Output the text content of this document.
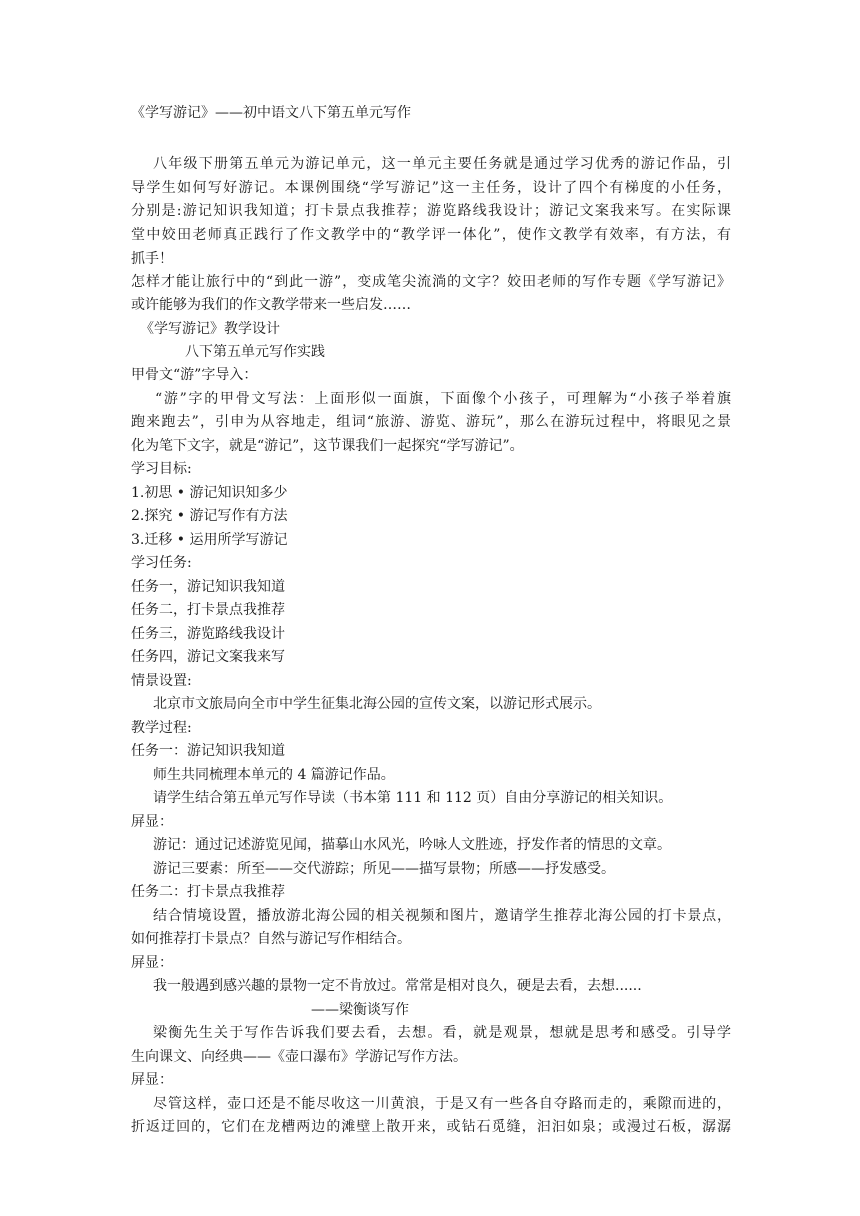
《学写游记》——初中语文八下第五单元写作
八年级下册第五单元为游记单元，这一单元主要任务就是通过学习优秀的游记作品，引
导学生如何写好游记。本课例围绕“学写游记”这一主任务，设计了四个有梯度的小任务，
分别是:游记知识我知道；打卡景点我推荐；游览路线我设计；游记文案我来写。在实际课
堂中姣田老师真正践行了作文教学中的“教学评一体化”，使作文教学有效率，有方法，有
抓手！
怎样才能让旅行中的“到此一游”，变成笔尖流淌的文字？姣田老师的写作专题《学写游记》
或许能够为我们的作文教学带来一些启发……
《学写游记》教学设计
八下第五单元写作实践
甲骨文“游”字导入：
“游”字的甲骨文写法：上面形似一面旗，下面像个小孩子，可理解为“小孩子举着旗
跑来跑去”，引申为从容地走，组词“旅游、游览、游玩”，那么在游玩过程中，将眼见之景
化为笔下文字，就是“游记”，这节课我们一起探究“学写游记”。
学习目标:
1.初思 • 游记知识知多少
2.探究 • 游记写作有方法
3.迁移 • 运用所学写游记
学习任务:
任务一，游记知识我知道
任务二，打卡景点我推荐
任务三，游览路线我设计
任务四，游记文案我来写
情景设置:
北京市文旅局向全市中学生征集北海公园的宣传文案，以游记形式展示。
教学过程:
任务一：游记知识我知道
师生共同梳理本单元的 4 篇游记作品。
请学生结合第五单元写作导读（书本第 111 和 112 页）自由分享游记的相关知识。
屏显：
游记：通过记述游览见闻，描摹山水风光，吟咏人文胜迹，抒发作者的情思的文章。
游记三要素：所至——交代游踪；所见——描写景物；所感——抒发感受。
任务二：打卡景点我推荐
结合情境设置，播放游北海公园的相关视频和图片，邀请学生推荐北海公园的打卡景点，
如何推荐打卡景点？自然与游记写作相结合。
屏显：
我一般遇到感兴趣的景物一定不肯放过。常常是相对良久，硬是去看，去想......
——梁衡谈写作
梁衡先生关于写作告诉我们要去看，去想。看，就是观景，想就是思考和感受。引导学
生向课文、向经典——《壶口瀑布》学游记写作方法。
屏显：
尽管这样，壶口还是不能尽收这一川黄浪，于是又有一些各自夺路而走的，乘隙而进的，
折返迂回的，它们在龙槽两边的滩壁上散开来，或钻石觅缝，汩汩如泉；或漫过石板，潺潺
